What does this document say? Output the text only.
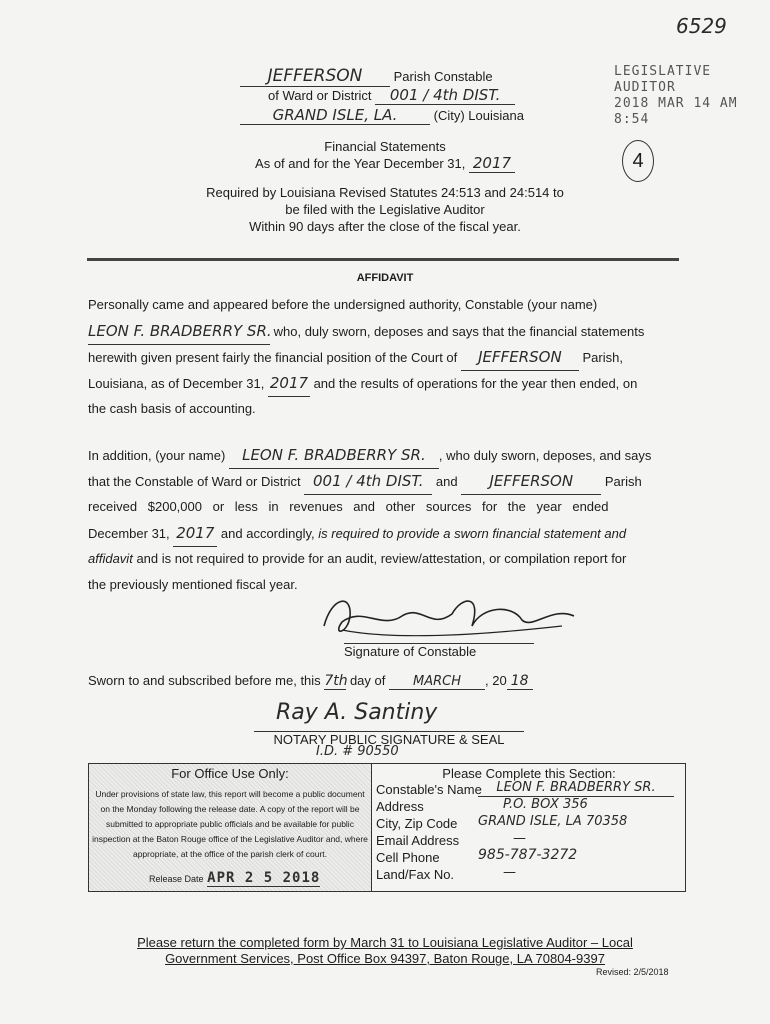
6529
LEGISLATIVE AUDITOR
2018 MAR 14 AM 8:54
4
JEFFERSON Parish Constable
of Ward or District 001 / 4th DIST.
GRAND ISLE, LA.	(City) Louisiana
Financial Statements
As of and for the Year December 31, 2017
Required by Louisiana Revised Statutes 24:513 and 24:514 to
be filed with the Legislative Auditor
Within 90 days after the close of the fiscal year.
AFFIDAVIT
Personally came and appeared before the undersigned authority, Constable (your name)
LEON F. BRADBERRY SR. who, duly sworn, deposes and says that the financial statements
herewith given present fairly the financial position of the Court of JEFFERSON Parish,
Louisiana, as of December 31, 2017 and the results of operations for the year then ended, on
the cash basis of accounting.
In addition, (your name) LEON F. BRADBERRY SR. , who duly sworn, deposes, and says
that the Constable of Ward or District 001 / 4th DIST. and JEFFERSON Parish
received $200,000 or less in revenues and other sources for the year ended
December 31, 2017 and accordingly, is required to provide a sworn financial statement and
affidavit and is not required to provide for an audit, review/attestation, or compilation report for
the previously mentioned fiscal year.
Signature of Constable
Sworn to and subscribed before me, this 7th day of MARCH , 20 18
Ray A. Santiny
NOTARY PUBLIC SIGNATURE & SEAL
I.D. # 90550
For Office Use Only:
Under provisions of state law, this report will become a public document on the Monday following the release date. A copy of the report will be submitted to appropriate public officials and be available for public inspection at the Baton Rouge office of the Legislative Auditor and, where appropriate, at the office of the parish clerk of court.
Release Date APR 2 5 2018
Please Complete this Section:
Constable's Name	LEON F. BRADBERRY SR.
Address	P.O. BOX 356
City, Zip Code GRAND ISLE, LA 70358
Email Address	—
Cell Phone	985-787-3272
Land/Fax No.	—
Please return the completed form by March 31 to Louisiana Legislative Auditor – Local
Government Services, Post Office Box 94397, Baton Rouge, LA 70804-9397
Revised: 2/5/2018
